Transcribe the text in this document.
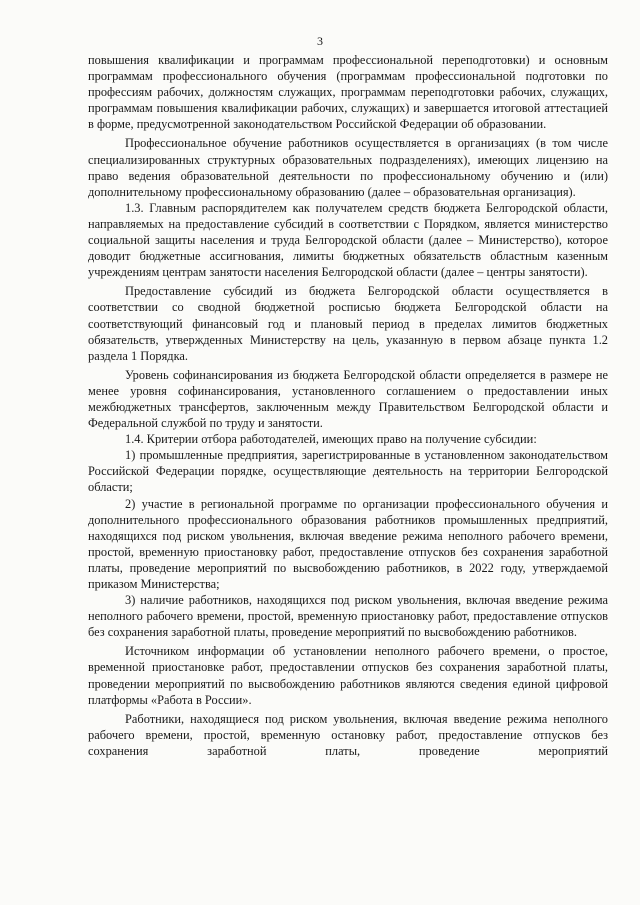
3

повышения квалификации и программам профессиональной переподготовки) и основным программам профессионального обучения (программам профессиональной подготовки по профессиям рабочих, должностям служащих, программам переподготовки рабочих, служащих, программам повышения квалификации рабочих, служащих) и завершается итоговой аттестацией в форме, предусмотренной законодательством Российской Федерации об образовании.

Профессиональное обучение работников осуществляется в организациях (в том числе специализированных структурных образовательных подразделениях), имеющих лицензию на право ведения образовательной деятельности по профессиональному обучению и (или) дополнительному профессиональному образованию (далее – образовательная организация).

1.3. Главным распорядителем как получателем средств бюджета Белгородской области, направляемых на предоставление субсидий в соответствии с Порядком, является министерство социальной защиты населения и труда Белгородской области (далее – Министерство), которое доводит бюджетные ассигнования, лимиты бюджетных обязательств областным казенным учреждениям центрам занятости населения Белгородской области (далее – центры занятости).

Предоставление субсидий из бюджета Белгородской области осуществляется в соответствии со сводной бюджетной росписью бюджета Белгородской области на соответствующий финансовый год и плановый период в пределах лимитов бюджетных обязательств, утвержденных Министерству на цель, указанную в первом абзаце пункта 1.2 раздела 1 Порядка.

Уровень софинансирования из бюджета Белгородской области определяется в размере не менее уровня софинансирования, установленного соглашением о предоставлении иных межбюджетных трансфертов, заключенным между Правительством Белгородской области и Федеральной службой по труду и занятости.

1.4. Критерии отбора работодателей, имеющих право на получение субсидии:

1) промышленные предприятия, зарегистрированные в установленном законодательством Российской Федерации порядке, осуществляющие деятельность на территории Белгородской области;

2) участие в региональной программе по организации профессионального обучения и дополнительного профессионального образования работников промышленных предприятий, находящихся под риском увольнения, включая введение режима неполного рабочего времени, простой, временную приостановку работ, предоставление отпусков без сохранения заработной платы, проведение мероприятий по высвобождению работников, в 2022 году, утверждаемой приказом Министерства;

3) наличие работников, находящихся под риском увольнения, включая введение режима неполного рабочего времени, простой, временную приостановку работ, предоставление отпусков без сохранения заработной платы, проведение мероприятий по высвобождению работников.

Источником информации об установлении неполного рабочего времени, о простое, временной приостановке работ, предоставлении отпусков без сохранения заработной платы, проведении мероприятий по высвобождению работников являются сведения единой цифровой платформы «Работа в России».

Работники, находящиеся под риском увольнения, включая введение режима неполного рабочего времени, простой, временную остановку работ, предоставление отпусков без сохранения заработной платы, проведение мероприятий
